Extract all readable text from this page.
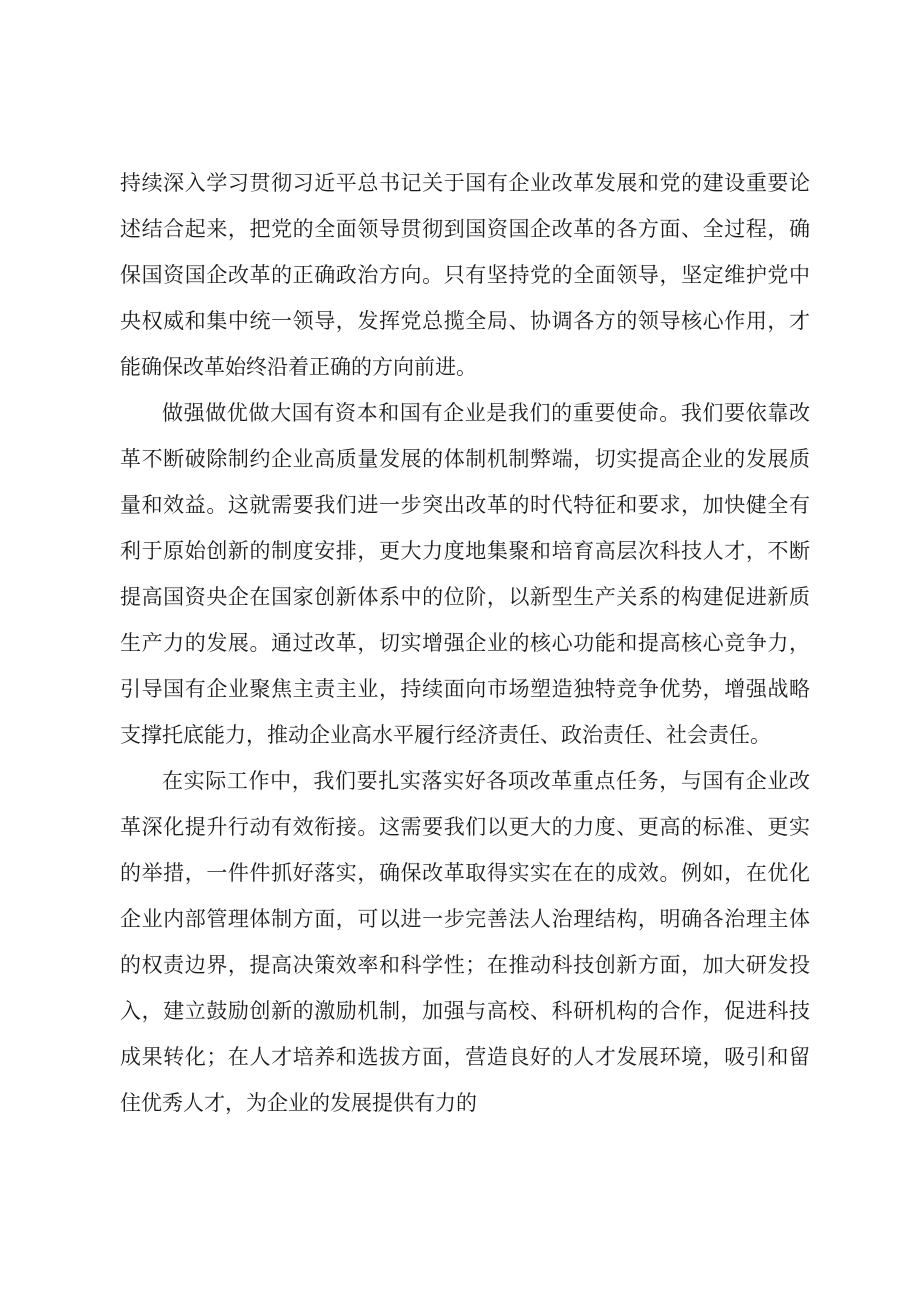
持续深入学习贯彻习近平总书记关于国有企业改革发展和党的建设重要论述结合起来，把党的全面领导贯彻到国资国企改革的各方面、全过程，确保国资国企改革的正确政治方向。只有坚持党的全面领导，坚定维护党中央权威和集中统一领导，发挥党总揽全局、协调各方的领导核心作用，才能确保改革始终沿着正确的方向前进。

做强做优做大国有资本和国有企业是我们的重要使命。我们要依靠改革不断破除制约企业高质量发展的体制机制弊端，切实提高企业的发展质量和效益。这就需要我们进一步突出改革的时代特征和要求，加快健全有利于原始创新的制度安排，更大力度地集聚和培育高层次科技人才，不断提高国资央企在国家创新体系中的位阶，以新型生产关系的构建促进新质生产力的发展。通过改革，切实增强企业的核心功能和提高核心竞争力，引导国有企业聚焦主责主业，持续面向市场塑造独特竞争优势，增强战略支撑托底能力，推动企业高水平履行经济责任、政治责任、社会责任。

在实际工作中，我们要扎实落实好各项改革重点任务，与国有企业改革深化提升行动有效衔接。这需要我们以更大的力度、更高的标准、更实的举措，一件件抓好落实，确保改革取得实实在在的成效。例如，在优化企业内部管理体制方面，可以进一步完善法人治理结构，明确各治理主体的权责边界，提高决策效率和科学性；在推动科技创新方面，加大研发投入，建立鼓励创新的激励机制，加强与高校、科研机构的合作，促进科技成果转化；在人才培养和选拔方面，营造良好的人才发展环境，吸引和留住优秀人才，为企业的发展提供有力的
